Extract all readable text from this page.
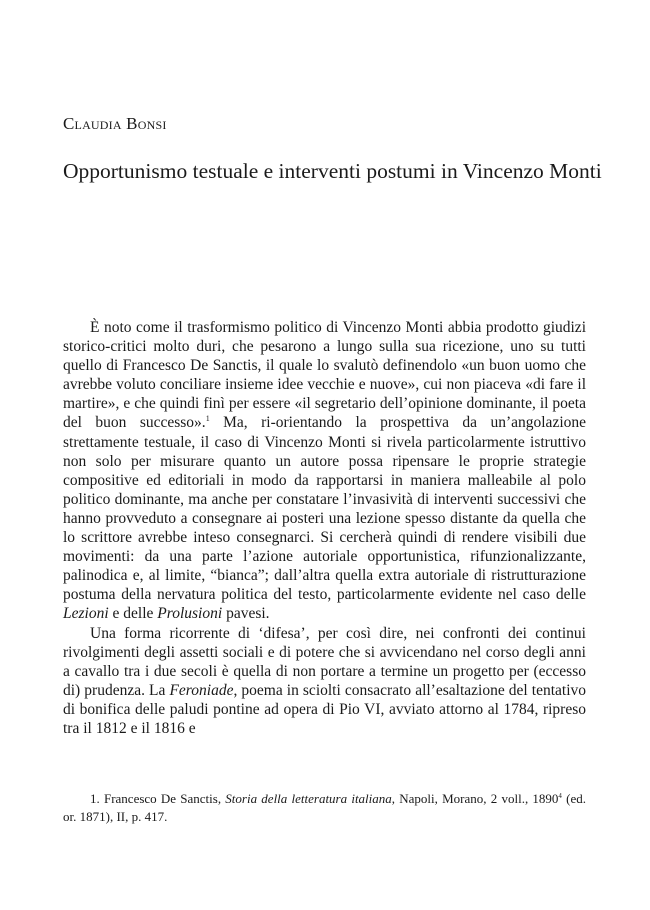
Claudia Bonsi
Opportunismo testuale e interventi postumi in Vincenzo Monti

È noto come il trasformismo politico di Vincenzo Monti abbia prodotto giudizi storico-critici molto duri, che pesarono a lungo sulla sua ricezione, uno su tutti quello di Francesco De Sanctis, il quale lo svalutò definendolo «un buon uomo che avrebbe voluto conciliare insieme idee vecchie e nuove», cui non piaceva «di fare il martire», e che quindi finì per essere «il segretario dell’opinione dominante, il poeta del buon successo».$^1$ Ma, ri-orientando la prospettiva da un’angolazione strettamente testuale, il caso di Vincenzo Monti si rivela particolarmente istruttivo non solo per misurare quanto un autore possa ripensare le proprie strategie compositive ed editoriali in modo da rapportarsi in maniera malleabile al polo politico dominante, ma anche per constatare l’invasività di interventi successivi che hanno provveduto a consegnare ai posteri una lezione spesso distante da quella che lo scrittore avrebbe inteso consegnarci. Si cercherà quindi di rendere visibili due movimenti: da una parte l’azione autoriale opportunistica, rifunzionalizzante, palinodica e, al limite, “bianca”; dall’altra quella extra autoriale di ristrutturazione postuma della nervatura politica del testo, particolarmente evidente nel caso delle Lezioni e delle Prolusioni pavesi.

Una forma ricorrente di ‘difesa’, per così dire, nei confronti dei continui rivolgimenti degli assetti sociali e di potere che si avvicendano nel corso degli anni a cavallo tra i due secoli è quella di non portare a termine un progetto per (eccesso di) prudenza. La Feroniade, poema in sciolti consacrato all’esaltazione del tentativo di bonifica delle paludi pontine ad opera di Pio VI, avviato attorno al 1784, ripreso tra il 1812 e il 1816 e

1. Francesco De Sanctis, Storia della letteratura italiana, Napoli, Morano, 2 voll., 1890$^4$ (ed. or. 1871), II, p. 417.
